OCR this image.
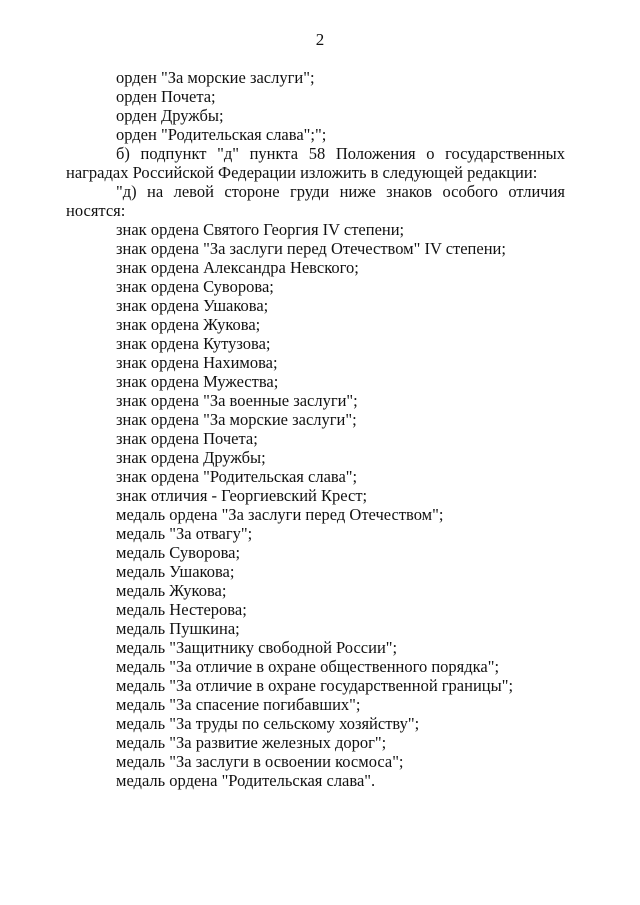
2
орден "За морские заслуги";
орден Почета;
орден Дружбы;
орден "Родительская слава";";
б) подпункт "д" пункта 58 Положения о государственных
наградах Российской Федерации изложить в следующей редакции:
"д) на левой стороне груди ниже знаков особого отличия
носятся:
знак ордена Святого Георгия IV степени;
знак ордена "За заслуги перед Отечеством" IV степени;
знак ордена Александра Невского;
знак ордена Суворова;
знак ордена Ушакова;
знак ордена Жукова;
знак ордена Кутузова;
знак ордена Нахимова;
знак ордена Мужества;
знак ордена "За военные заслуги";
знак ордена "За морские заслуги";
знак ордена Почета;
знак ордена Дружбы;
знак ордена "Родительская слава";
знак отличия - Георгиевский Крест;
медаль ордена "За заслуги перед Отечеством";
медаль "За отвагу";
медаль Суворова;
медаль Ушакова;
медаль Жукова;
медаль Нестерова;
медаль Пушкина;
медаль "Защитнику свободной России";
медаль "За отличие в охране общественного порядка";
медаль "За отличие в охране государственной границы";
медаль "За спасение погибавших";
медаль "За труды по сельскому хозяйству";
медаль "За развитие железных дорог";
медаль "За заслуги в освоении космоса";
медаль ордена "Родительская слава".
